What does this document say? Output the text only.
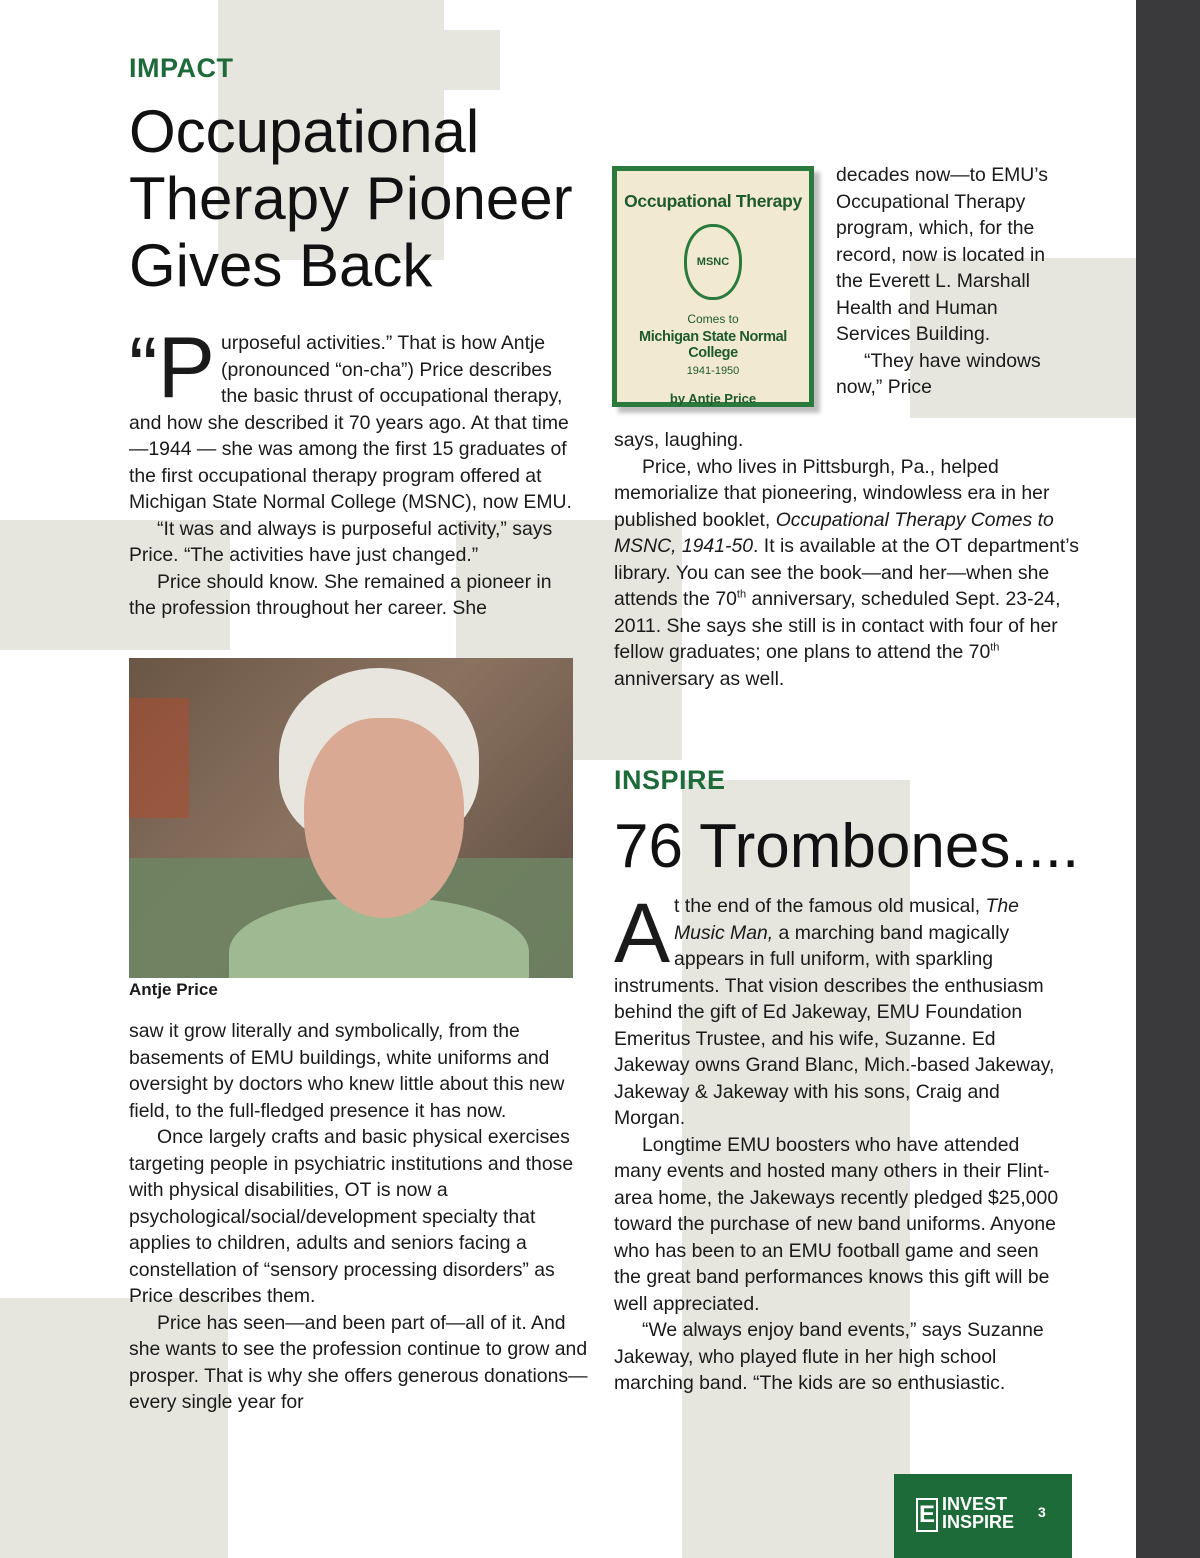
IMPACT
Occupational Therapy Pioneer Gives Back

“Purposeful activities.” That is how Antje (pronounced “on-cha”) Price describes the basic thrust of occupational therapy, and how she described it 70 years ago. At that time —1944 — she was among the first 15 graduates of the first occupational therapy program offered at Michigan State Normal College (MSNC), now EMU.

“It was and always is purposeful activity,” says Price. “The activities have just changed.”

Price should know. She remained a pioneer in the profession throughout her career. She

Antje Price

saw it grow literally and symbolically, from the basements of EMU buildings, white uniforms and oversight by doctors who knew little about this new field, to the full-fledged presence it has now.

Once largely crafts and basic physical exercises targeting people in psychiatric institutions and those with physical disabilities, OT is now a psychological/social/development specialty that applies to children, adults and seniors facing a constellation of “sensory processing disorders” as Price describes them.

Price has seen—and been part of—all of it. And she wants to see the profession continue to grow and prosper. That is why she offers generous donations—every single year for

Occupational Therapy
MSNC
Comes to
Michigan State Normal College
1941-1950
by Antje Price

decades now—to EMU’s Occupational Therapy program, which, for the record, now is located in the Everett L. Marshall Health and Human Services Building.

“They have windows now,” Price

says, laughing.

Price, who lives in Pittsburgh, Pa., helped memorialize that pioneering, windowless era in her published booklet, Occupational Therapy Comes to MSNC, 1941-50. It is available at the OT department’s library. You can see the book—and her—when she attends the 70th anniversary, scheduled Sept. 23-24, 2011. She says she still is in contact with four of her fellow graduates; one plans to attend the 70th anniversary as well.

INSPIRE
76 Trombones....

At the end of the famous old musical, The Music Man, a marching band magically appears in full uniform, with sparkling instruments. That vision describes the enthusiasm behind the gift of Ed Jakeway, EMU Foundation Emeritus Trustee, and his wife, Suzanne. Ed Jakeway owns Grand Blanc, Mich.-based Jakeway, Jakeway & Jakeway with his sons, Craig and Morgan.

Longtime EMU boosters who have attended many events and hosted many others in their Flint-area home, the Jakeways recently pledged $25,000 toward the purchase of new band uniforms. Anyone who has been to an EMU football game and seen the great band performances knows this gift will be well appreciated.

“We always enjoy band events,” says Suzanne Jakeway, who played flute in her high school marching band. “The kids are so enthusiastic.

E INVEST
INSPIRE 3
